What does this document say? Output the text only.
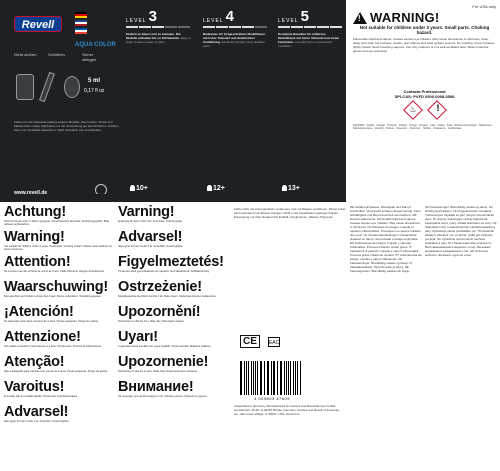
Revell
AQUA COLOR
Nicht stoßen	Schütteln	Sicher ablegen
5 ml
0,17 fl oz
Farben für die Wasserbemalung anderer Modelle, bitte Farben, Pinsel und Malutensilien sowie Sprühdose vor der Anwendung gut durchmischen. Farbton kann vom Druckbild abweichen. Nach Gebrauch gut verschließen.
www.revell.de
LEVEL 3
Einfach zu bauen und zu bemalen. Die Modelle enthalten bis zu 100 Bauteile. Easy to build, limited number of parts.
10+
LEVEL 4
Baukasten für fortgeschrittene Modellbauer mit hoher Teilezahl und detailreicher Ausführung. Advanced kit with many detailed parts.
12+
LEVEL 5
Komplexe Bausätze für erfahrene Modellbauer mit hoher Teilezahl und vielen Feinheiten. Complex kit for experienced modellers.
13+
For USA only
!
WARNING!
Not suitable for children under 3 years. Small parts. Choking hazard.
Flammable liquid and vapour. Causes serious eye irritation. May cause drowsiness or dizziness. Keep away from heat, hot surfaces, sparks, open flames and other ignition sources. No smoking. Keep container tightly closed. Avoid breathing vapours. Use only outdoors or in a well-ventilated area. Wear protective gloves and eye protection.
Contacta Professional
SPI-CAS: PVFD 0500-0008-0508
♨
!
DANGER · Gefahr · Danger · Pericolo · Peligro · Perigo · Gevaar · Fare · Vaara · Fara · Niebezpieczeństwo · Nebezpečí · Nebezpečenstvo · Veszély · Pericol · Опасност · Κίνδυνος · Tehlike · Опасность · Небезпека
Achtung!
Nicht für Kinder unter 3 Jahren geeignet. Verschluckbare Kleinteile. Erstickungsgefahr. Bitte Adresse aufbewahren.
Warning!
Not suitable for children under 3 years. Small parts. Choking hazard. Please retain address for future reference.
Attention!
Ne convient pas aux enfants de moins de 3 ans. Petits éléments. Danger d'étouffement.
Waarschuwing!
Niet geschikt voor kinderen jonger dan 3 jaar. Kleine onderdelen. Verstikkingsgevaar.
¡Atención!
No adecuado para niños menores de 3 años. Piezas pequeñas. Peligro de asfixia.
Attenzione!
Non adatto a bambini di età inferiore a 3 anni. Piccole parti. Pericolo di soffocamento.
Atenção!
Não é adequado para crianças com menos de 3 anos. Peças pequenas. Perigo de asfixia.
Varoitus!
Ei sovellu alle 3-vuotiaille lapsille. Pieniä osia. Tukehtumisvaara.
Advarsel!
Ikke egnet for børn under 3 år. Små dele. Kvælningsfare.
Varning!
Ej lämplig för barn under 3 år. Små delar. Kvävningsrisk.
Advarsel!
Ikke egnet for barn under 3 år. Små deler. Kvelningsfare.
Figyelmeztetés!
3 éves kor alatti gyermekeknek nem ajánlott. Apró alkatrészek. Fulladásveszély.
Ostrzeżenie!
Nieodpowiednie dla dzieci poniżej 3 lat. Małe części. Niebezpieczeństwo zadławienia.
Upozornění!
Nevhodné pro děti do 3 let. Malé díly. Nebezpečí udušení.
Uyarı!
3 yaşından küçük çocuklar için uygun değildir. Küçük parçalar. Boğulma tehlikesi.
Upozornenie!
Nevhodné pre deti do 3 rokov. Malé časti. Nebezpečenstvo udusenia.
Внимание!
Не подходит для детей младше 3 лет. Мелкие детали. Опасность удушья.
Farbe nicht mit Lösungsmitteln verdünnen. Nur mit Wasser verdünnen. Pinsel sofort nach Gebrauch mit Wasser reinigen. Nicht in die Kanalisation gelangen lassen. Entsorgung nur über Sondermüll. Enthält: Acrylpolymer, Wasser, Pigmente.
CE	EAC
4 009803 47609
Assembled in Germany. Manufactured for Carrera and Revell Europe GmbH, Henschelstr. 20-30, D-32257 Bünde, Germany. Carrera and Revell of Americas, Inc., Elk Grove Village, IL 60007, USA. Revell Inc.
DE Gefahrenhinweise: Flüssigkeit und Dampf entzündbar. Verursacht schwere Augenreizung. Kann Schläfrigkeit und Benommenheit verursachen. GB Hazard statements: Flammable liquid and vapour. Causes serious eye irritation. May cause drowsiness or dizziness. FR Mentions de danger: Liquide et vapeurs inflammables. Provoque une sévère irritation des yeux. NL Gevarenaanduidingen: Ontvlambare vloeistof en damp. Veroorzaakt ernstige oogirritatie. ES Indicaciones de peligro: Líquido y vapores inflamables. Provoca irritación ocular grave. IT Indicazioni di pericolo: Liquido e vapori infiammabili. Provoca grave irritazione oculare. PT Advertências de perigo: Líquido e vapor inflamáveis. DK Faresætninger: Brandfarlig væske og damp. FI Vaaralausekkeet: Syttyvä neste ja höyry. SE Faroangivelser: Brandfarlig vätska och ånga.
NO Faresetninger: Brannfarlig væske og damp. Gir alvorlig øyeirritasjon. HU Figyelmeztető mondatok: Tűzveszélyes folyadék és gőz. Súlyos szemirritációt okoz. PL Zwroty wskazujące rodzaj zagrożenia: Łatwopalna ciecz i pary. Działa drażniąco na oczy. CZ Standardní věty o nebezpečnosti: Hořlavá kapalina a páry. Způsobuje vážné podráždění očí. TR Zararlılık ifadeleri: Alevlenir sıvı ve buhar. Ciddi göz tahrişine yol açar. SK Výstražné upozornenia: Horľavá kvapalina a pary. RU Характеристики опасности: Воспламеняющаяся жидкость и пар. Вызывает выраженное раздражение глаз. GR Δηλώσεις κινδύνου: Εύφλεκτο υγρό και ατμοί.
